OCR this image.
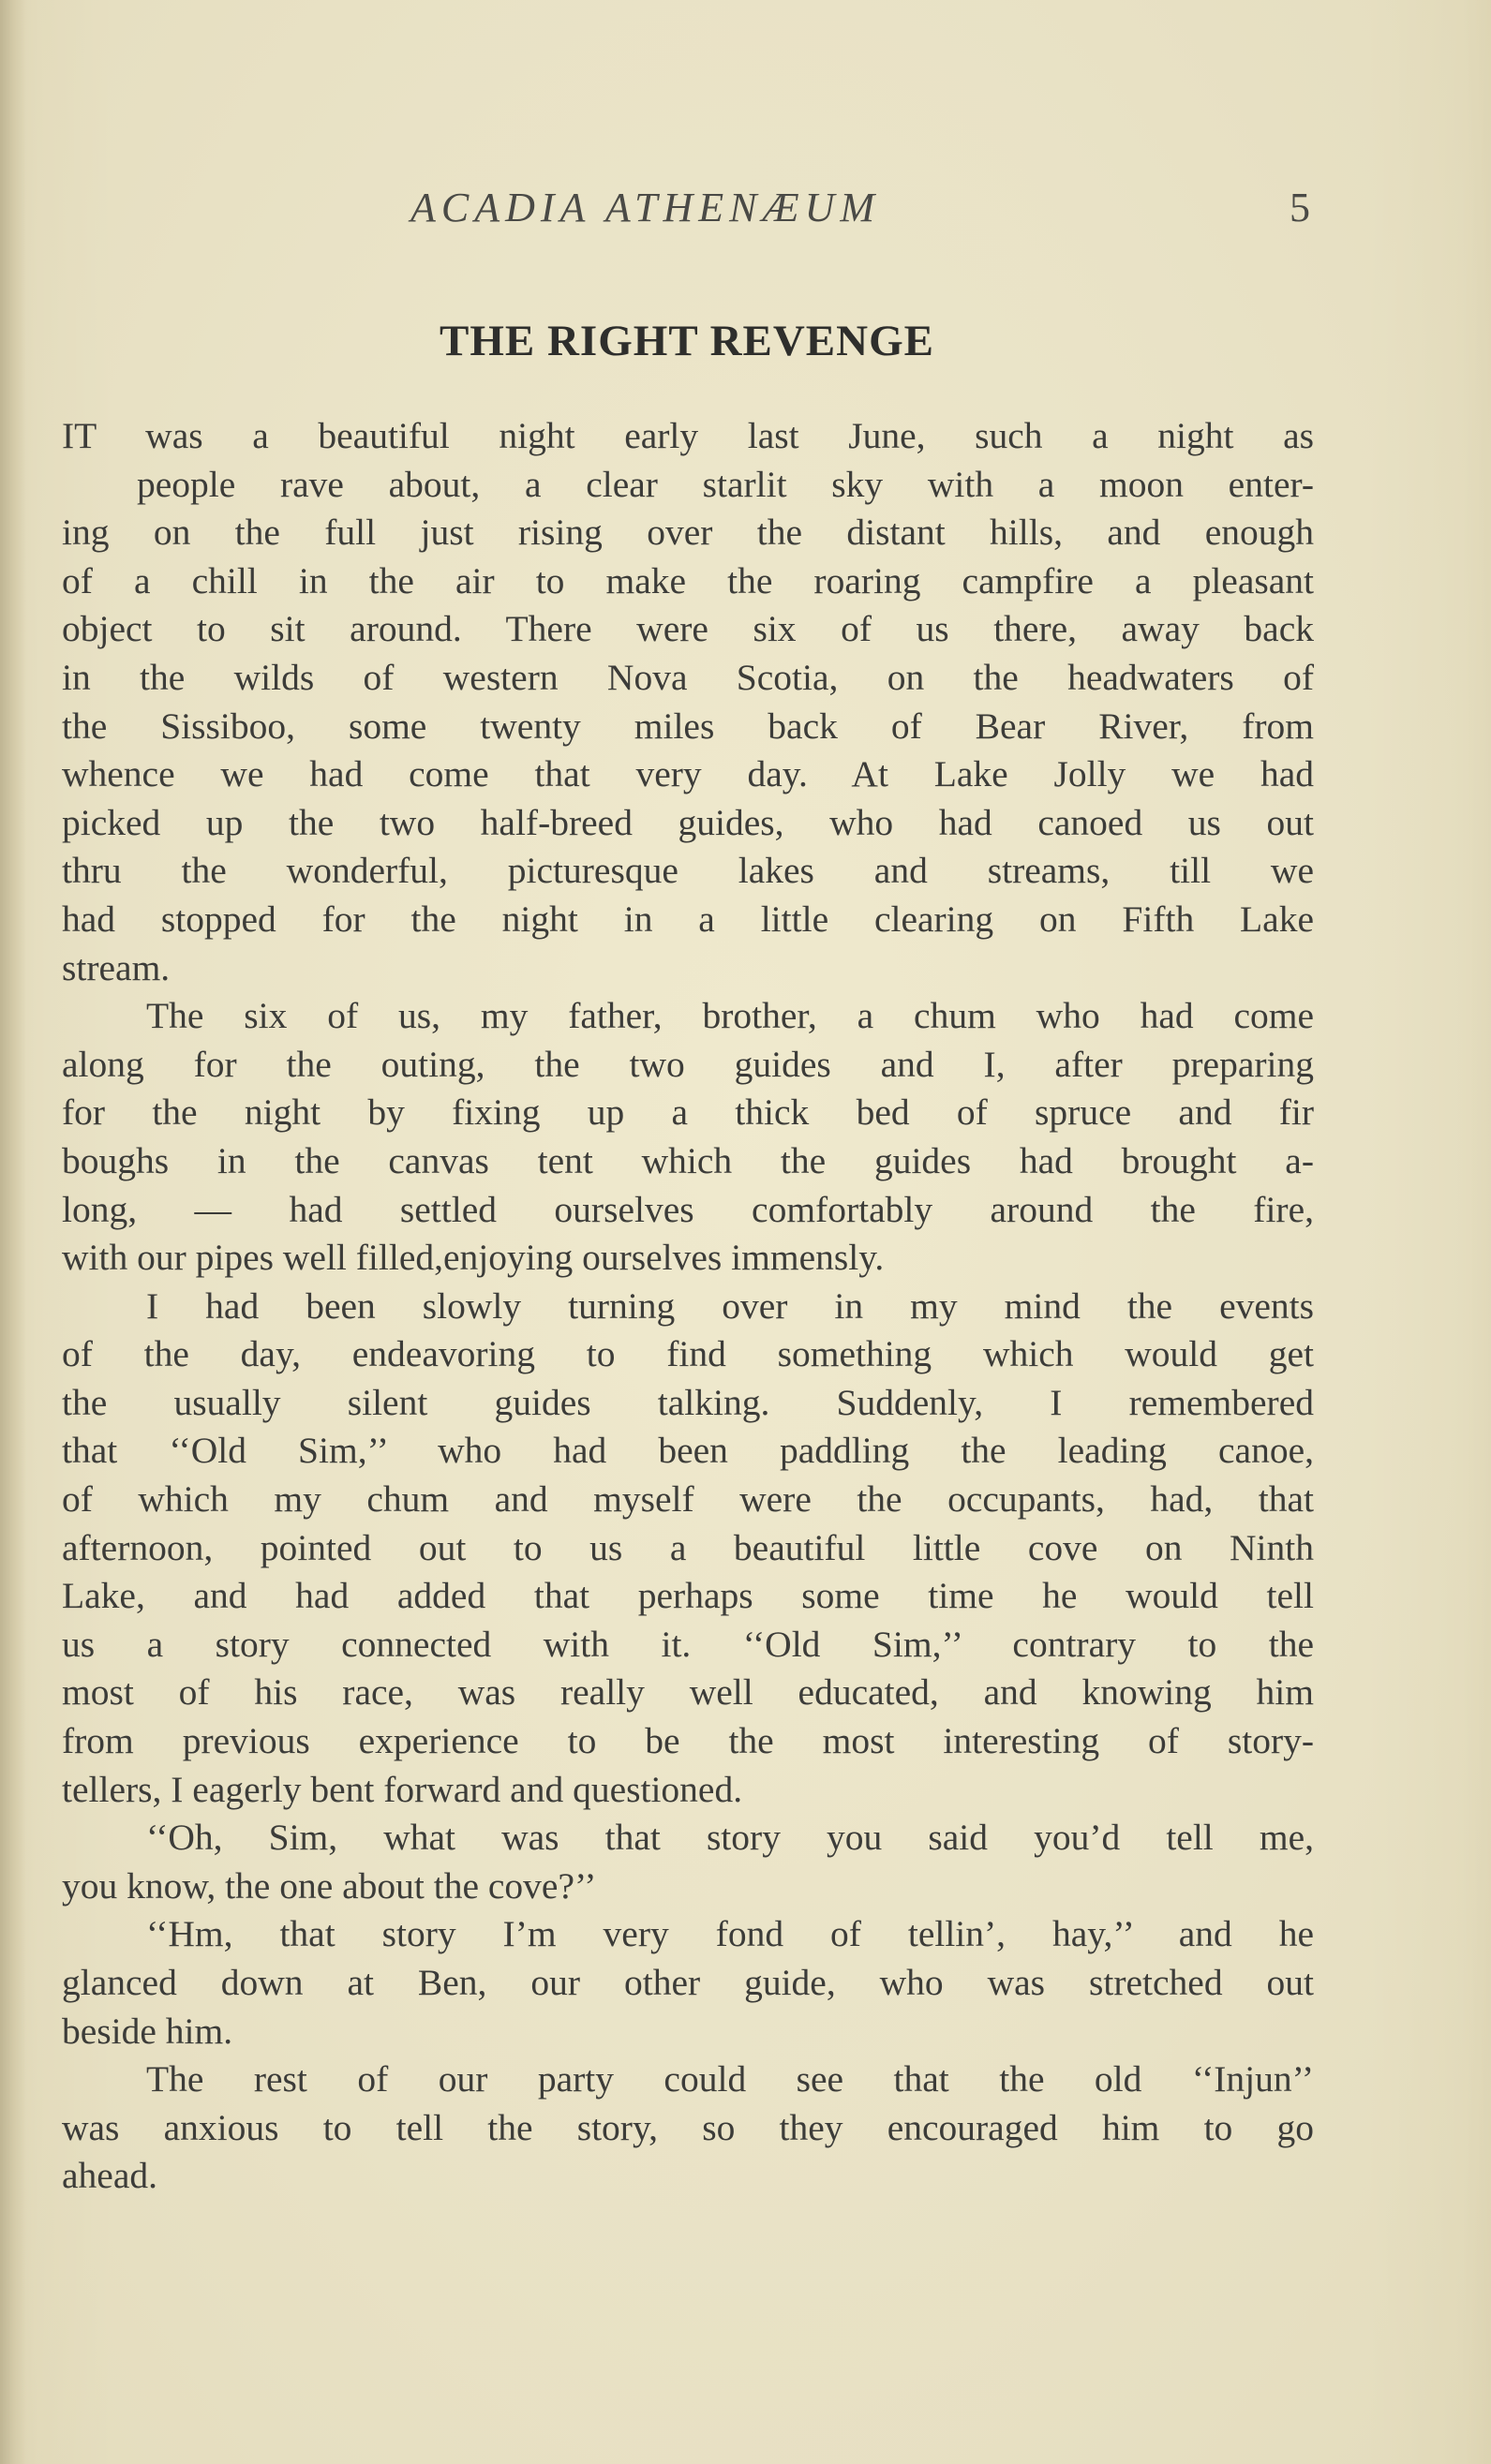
ACADIA ATHENÆUM	5
THE RIGHT REVENGE
IT was a beautiful night early last June, such a night as
people rave about, a clear starlit sky with a moon enter-
ing on the full just rising over the distant hills, and enough
of a chill in the air to make the roaring campfire a pleasant
object to sit around. There were six of us there, away back
in the wilds of western Nova Scotia, on the headwaters of
the Sissiboo, some twenty miles back of Bear River, from
whence we had come that very day. At Lake Jolly we had
picked up the two half-breed guides, who had canoed us out
thru the wonderful, picturesque lakes and streams, till we
had stopped for the night in a little clearing on Fifth Lake
stream.
The six of us, my father, brother, a chum who had come
along for the outing, the two guides and I, after preparing
for the night by fixing up a thick bed of spruce and fir
boughs in the canvas tent which the guides had brought a-
long, — had settled ourselves comfortably around the fire,
with our pipes well filled,enjoying ourselves immensly.
I had been slowly turning over in my mind the events
of the day, endeavoring to find something which would get
the usually silent guides talking. Suddenly, I remembered
that ‘‘Old Sim,’’ who had been paddling the leading canoe,
of which my chum and myself were the occupants, had, that
afternoon, pointed out to us a beautiful little cove on Ninth
Lake, and had added that perhaps some time he would tell
us a story connected with it. ‘‘Old Sim,’’ contrary to the
most of his race, was really well educated, and knowing him
from previous experience to be the most interesting of story-
tellers, I eagerly bent forward and questioned.
‘‘Oh, Sim, what was that story you said you’d tell me,
you know, the one about the cove?’’
‘‘Hm, that story I’m very fond of tellin’, hay,’’ and he
glanced down at Ben, our other guide, who was stretched out
beside him.
The rest of our party could see that the old ‘‘Injun’’
was anxious to tell the story, so they encouraged him to go
ahead.
